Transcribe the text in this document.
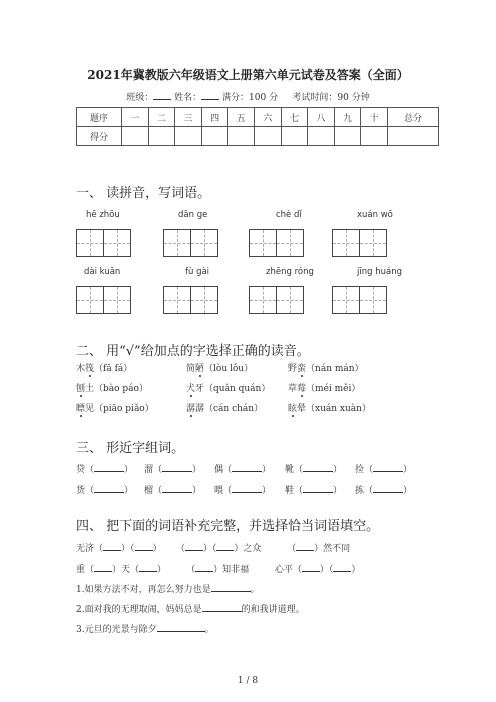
2021年冀教版六年级语文上册第六单元试卷及答案（全面）
班级： 姓名： 满分：100 分 考试时间：90 分钟
题序	一	二	三	四	五	六	七	八	九	十	总分
得分											
一、 读拼音，写词语。
hē zhōu	dān ge	chè dǐ	xuán wō
dài kuǎn	fù gài	zhēng róng	jīng huáng
二、 用“√”给加点的字选择正确的读音。
木筏（fā fá）	简陋（lòu lǒu）	野蛮（nán mán）
刨土（bào páo）	犬牙（quǎn quán） 草莓（méi měi）
瞟见（piāo piǎo）	潺潺（cán chán）	眩晕（xuán xuàn）
三、 形近字组词。
贷（	） 溜（	） 偶（	） 靴（	） 捡（	）
货（	） 榴（	） 喂（	） 鞋（	） 拣（	）
四、 把下面的词语补充完整，并选择恰当词语填空。
无济（ ）（ ） （ ）（ ）之众	（ ）然不同
重（ ）天（ ） （ ）知非福	心平（ ）（ ）
1.如果方法不对，再怎么努力也是	。
2.面对我的无理取闹，妈妈总是	的和我讲道理。
3.元旦的光景与除夕	。
1 / 8
